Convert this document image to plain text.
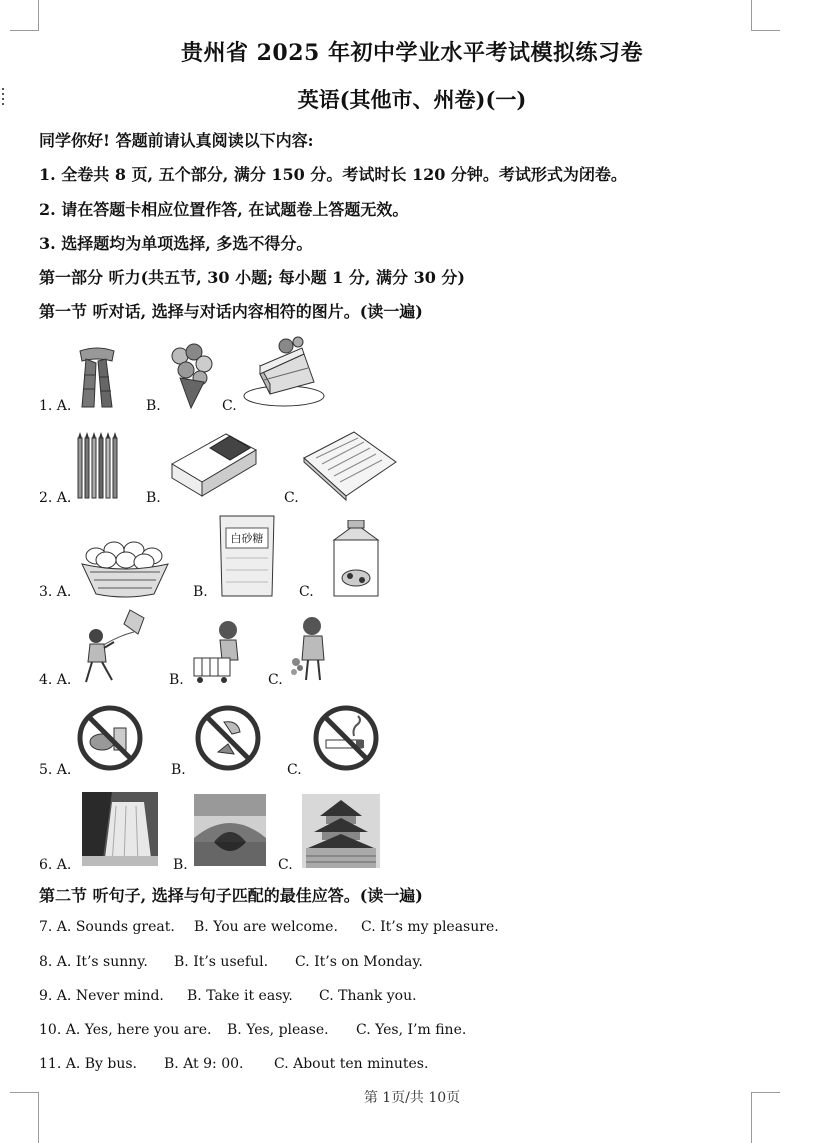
贵州省 2025 年初中学业水平考试模拟练习卷
英语(其他市、州卷)(一)
同学你好! 答题前请认真阅读以下内容:
1. 全卷共 8 页, 五个部分, 满分 150 分。考试时长 120 分钟。考试形式为闭卷。
2. 请在答题卡相应位置作答, 在试题卷上答题无效。
3. 选择题均为单项选择, 多选不得分。
第一部分 听力(共五节, 30 小题; 每小题 1 分, 满分 30 分)
第一节 听对话, 选择与对话内容相符的图片。(读一遍)
1. A.	B.	C.
2. A.	B.	C.
3. A.	B.
白砂糖
C.
4. A.	B.	C.
5. A.	B.	C.
6. A.	B.	C.
第二节 听句子, 选择与句子匹配的最佳应答。(读一遍)
7. A. Sounds great. B. You are welcome. C. It’s my pleasure.
8. A. It’s sunny. B. It’s useful. C. It’s on Monday.
9. A. Never mind. B. Take it easy. C. Thank you.
10. A. Yes, here you are. B. Yes, please. C. Yes, I’m fine.
11. A. By bus. B. At 9: 00. C. About ten minutes.
第 1页/共 10页
